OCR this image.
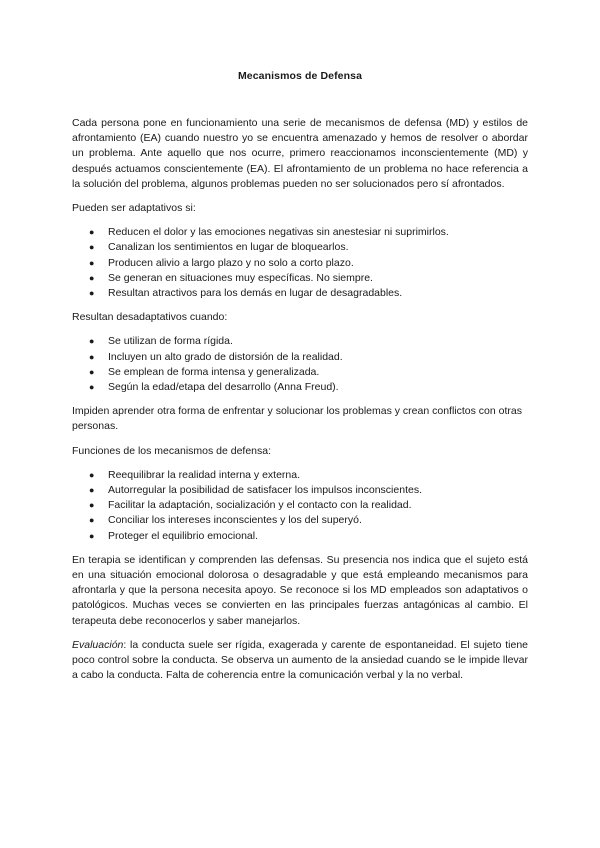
Mecanismos de Defensa

Cada persona pone en funcionamiento una serie de mecanismos de defensa (MD) y estilos de afrontamiento (EA) cuando nuestro yo se encuentra amenazado y hemos de resolver o abordar un problema. Ante aquello que nos ocurre, primero reaccionamos inconscientemente (MD) y después actuamos conscientemente (EA). El afrontamiento de un problema no hace referencia a la solución del problema, algunos problemas pueden no ser solucionados pero sí afrontados.

Pueden ser adaptativos si:

● Reducen el dolor y las emociones negativas sin anestesiar ni suprimirlos.
● Canalizan los sentimientos en lugar de bloquearlos.
● Producen alivio a largo plazo y no solo a corto plazo.
● Se generan en situaciones muy específicas. No siempre.
● Resultan atractivos para los demás en lugar de desagradables.

Resultan desadaptativos cuando:

● Se utilizan de forma rígida.
● Incluyen un alto grado de distorsión de la realidad.
● Se emplean de forma intensa y generalizada.
● Según la edad/etapa del desarrollo (Anna Freud).

Impiden aprender otra forma de enfrentar y solucionar los problemas y crean conflictos con otras personas.

Funciones de los mecanismos de defensa:

● Reequilibrar la realidad interna y externa.
● Autorregular la posibilidad de satisfacer los impulsos inconscientes.
● Facilitar la adaptación, socialización y el contacto con la realidad.
● Conciliar los intereses inconscientes y los del superyó.
● Proteger el equilibrio emocional.

En terapia se identifican y comprenden las defensas. Su presencia nos indica que el sujeto está en una situación emocional dolorosa o desagradable y que está empleando mecanismos para afrontarla y que la persona necesita apoyo. Se reconoce si los MD empleados son adaptativos o patológicos. Muchas veces se convierten en las principales fuerzas antagónicas al cambio. El terapeuta debe reconocerlos y saber manejarlos.

Evaluación: la conducta suele ser rígida, exagerada y carente de espontaneidad. El sujeto tiene poco control sobre la conducta. Se observa un aumento de la ansiedad cuando se le impide llevar a cabo la conducta. Falta de coherencia entre la comunicación verbal y la no verbal.
